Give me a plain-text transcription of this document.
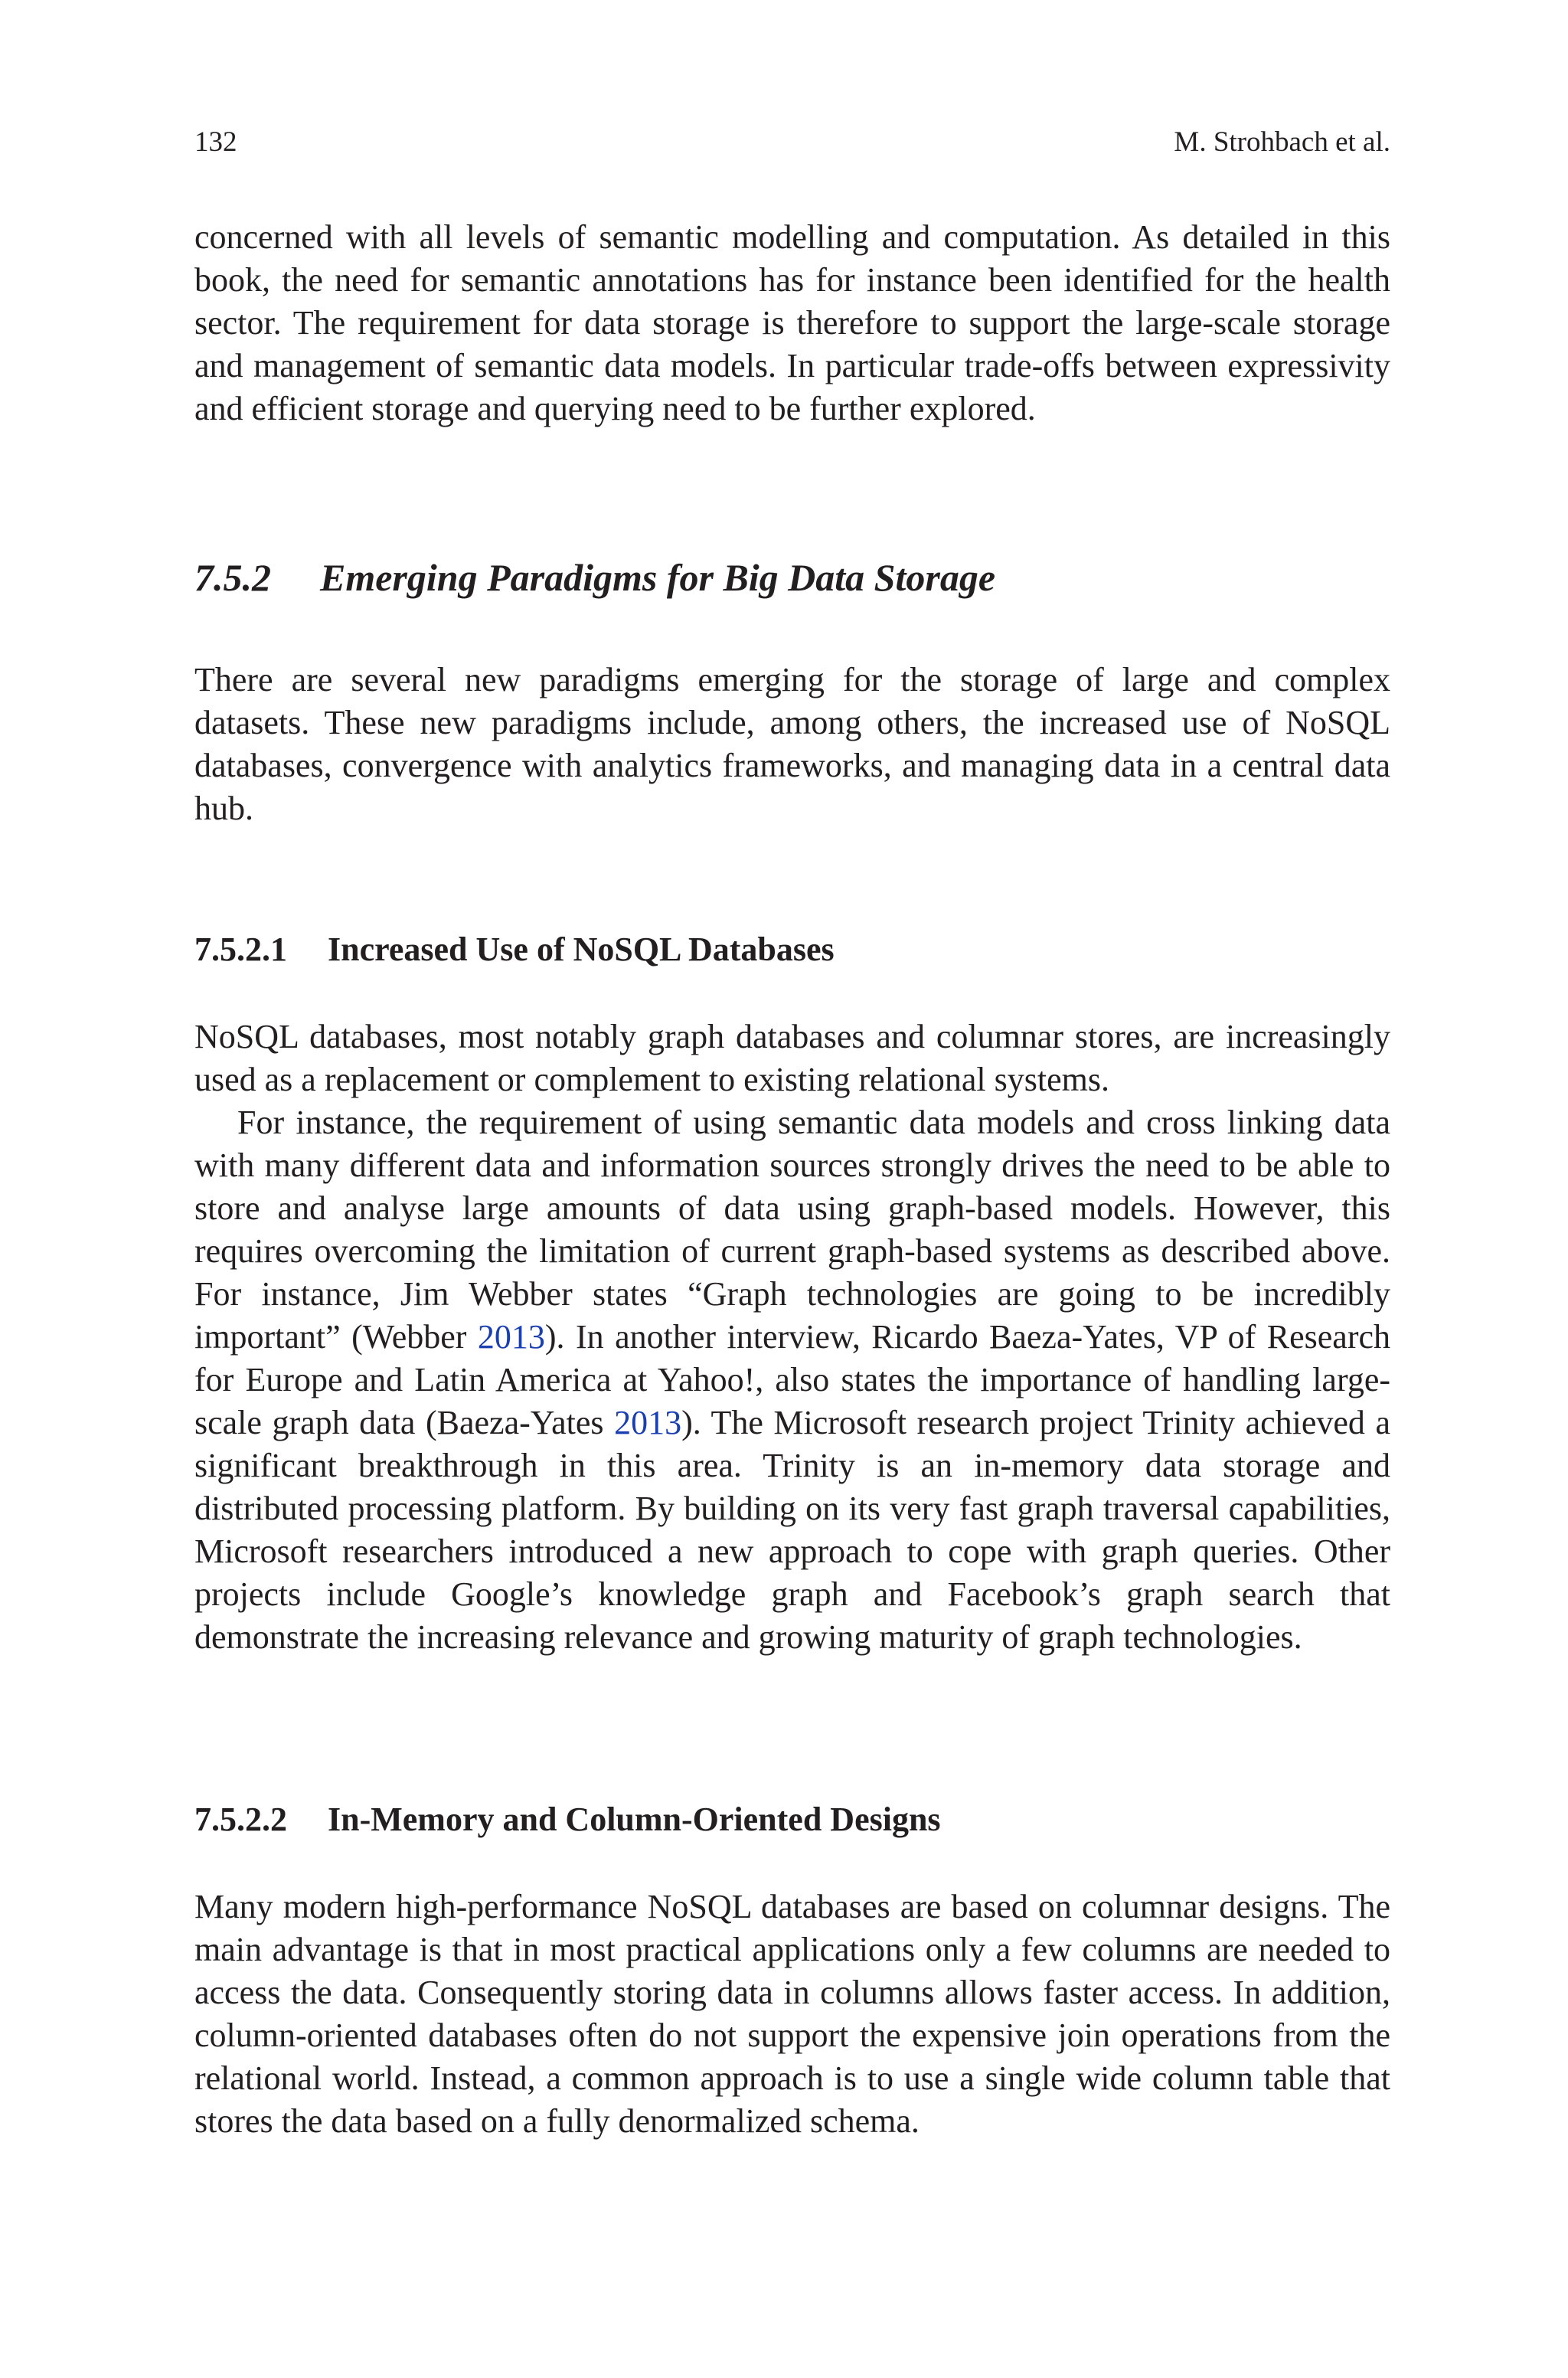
132	M. Strohbach et al.

concerned with all levels of semantic modelling and computation. As detailed in this book, the need for semantic annotations has for instance been identified for the health sector. The requirement for data storage is therefore to support the large-scale storage and management of semantic data models. In particular trade-offs between expressivity and efficient storage and querying need to be further explored.

7.5.2 Emerging Paradigms for Big Data Storage

There are several new paradigms emerging for the storage of large and complex datasets. These new paradigms include, among others, the increased use of NoSQL databases, convergence with analytics frameworks, and managing data in a central data hub.

7.5.2.1 Increased Use of NoSQL Databases

NoSQL databases, most notably graph databases and columnar stores, are increasingly used as a replacement or complement to existing relational systems.

For instance, the requirement of using semantic data models and cross linking data with many different data and information sources strongly drives the need to be able to store and analyse large amounts of data using graph-based models. However, this requires overcoming the limitation of current graph-based systems as described above. For instance, Jim Webber states “Graph technologies are going to be incredibly important” (Webber 2013). In another interview, Ricardo Baeza-Yates, VP of Research for Europe and Latin America at Yahoo!, also states the importance of handling large-scale graph data (Baeza-Yates 2013). The Microsoft research project Trinity achieved a significant breakthrough in this area. Trinity is an in-memory data storage and distributed processing platform. By building on its very fast graph traversal capabilities, Microsoft researchers introduced a new approach to cope with graph queries. Other projects include Google’s knowledge graph and Facebook’s graph search that demonstrate the increasing relevance and growing maturity of graph technologies.

7.5.2.2 In-Memory and Column-Oriented Designs

Many modern high-performance NoSQL databases are based on columnar designs. The main advantage is that in most practical applications only a few columns are needed to access the data. Consequently storing data in columns allows faster access. In addition, column-oriented databases often do not support the expensive join operations from the relational world. Instead, a common approach is to use a single wide column table that stores the data based on a fully denormalized schema.
